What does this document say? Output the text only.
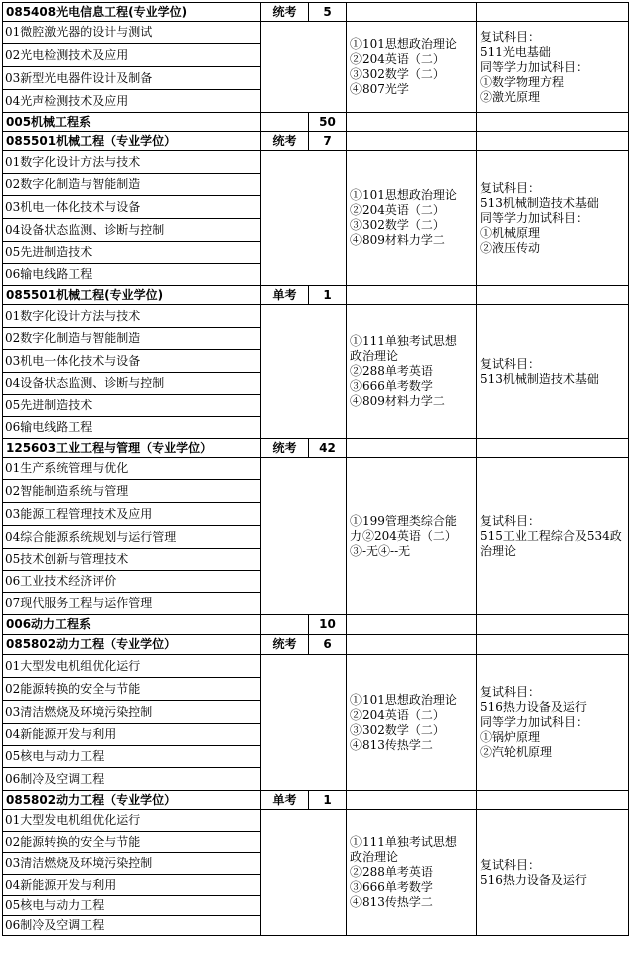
085408光电信息工程(专业学位)	统考	5		
01微腔激光器的设计与测试			①101思想政治理论
②204英语（二）
③302数学（二）
④807光学	复试科目：
511光电基础
同等学力加试科目：
①数学物理方程
②激光原理

02光电检测技术及应用				
03新型光电器件设计及制备				
04光声检测技术及应用				
005机械工程系		50		
085501机械工程（专业学位）	统考	7		
01数字化设计方法与技术			①101思想政治理论
②204英语（二）
③302数学（二）
④809材料力学二	复试科目：
513机械制造技术基础
同等学力加试科目：
①机械原理
②液压传动

02数字化制造与智能制造				
03机电一体化技术与设备				
04设备状态监测、诊断与控制				
05先进制造技术				
06输电线路工程				
085501机械工程(专业学位)	单考	1		
01数字化设计方法与技术			①111单独考试思想
政治理论
②288单考英语
③666单考数学
④809材料力学二	复试科目：
513机械制造技术基础

02数字化制造与智能制造				
03机电一体化技术与设备				
04设备状态监测、诊断与控制				
05先进制造技术				
06输电线路工程				
125603工业工程与管理（专业学位）	统考	42		
01生产系统管理与优化			①199管理类综合能
力②204英语（二）
③-无④--无	复试科目：
515工业工程综合及534政
治理论

02智能制造系统与管理				
03能源工程管理技术及应用				
04综合能源系统规划与运行管理				
05技术创新与管理技术				
06工业技术经济评价				
07现代服务工程与运作管理				
006动力工程系		10		
085802动力工程（专业学位）	统考	6		
01大型发电机组优化运行			①101思想政治理论
②204英语（二）
③302数学（二）
④813传热学二	复试科目：
516热力设备及运行
同等学力加试科目：
①锅炉原理
②汽轮机原理

02能源转换的安全与节能				
03清洁燃烧及环境污染控制				
04新能源开发与利用				
05核电与动力工程				
06制冷及空调工程				
085802动力工程（专业学位）	单考	1		
01大型发电机组优化运行			①111单独考试思想
政治理论
②288单考英语
③666单考数学
④813传热学二	复试科目：
516热力设备及运行

02能源转换的安全与节能				
03清洁燃烧及环境污染控制				
04新能源开发与利用				
05核电与动力工程				
06制冷及空调工程				
